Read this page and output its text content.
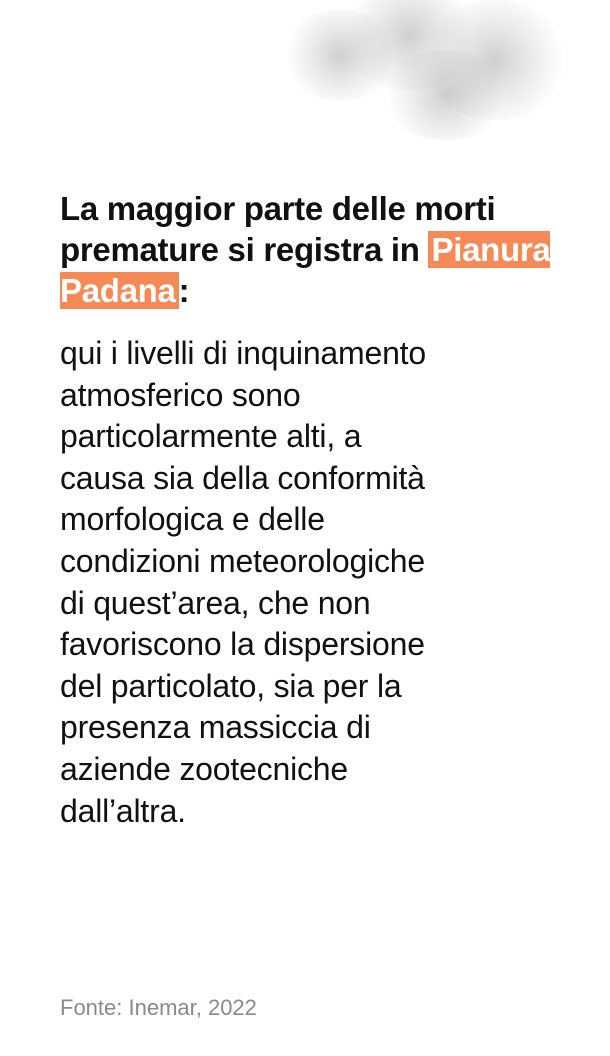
La maggior parte delle morti premature si registra in Pianura Padana:

qui i livelli di inquinamento
atmosferico sono
particolarmente alti, a
causa sia della conformità
morfologica e delle
condizioni meteorologiche
di quest’area, che non
favoriscono la dispersione
del particolato, sia per la
presenza massiccia di
aziende zootecniche
dall’altra.

Fonte: Inemar, 2022
